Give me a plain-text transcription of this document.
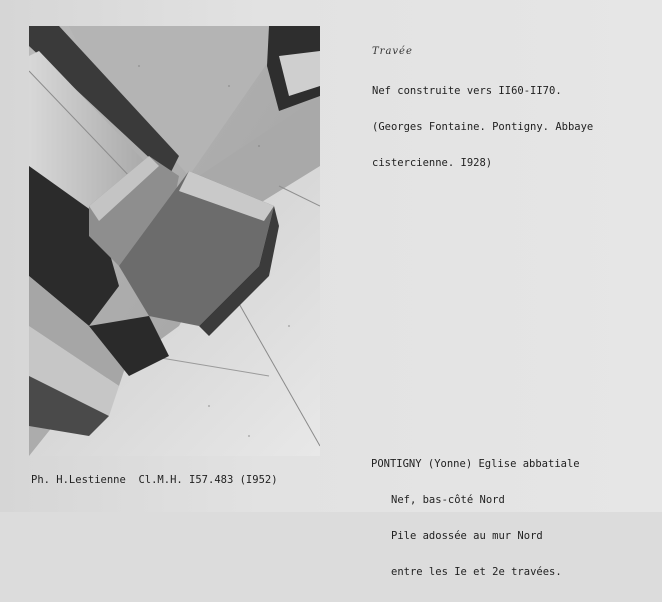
Travée

Nef construite vers II60-II70.

(Georges Fontaine. Pontigny. Abbaye

cistercienne. I928)

PONTIGNY (Yonne) Eglise abbatiale

Nef, bas-côté Nord

Pile adossée au mur Nord

entre les Ie et 2e travées.

Ph. H.Lestienne  Cl.M.H. I57.483 (I952)
